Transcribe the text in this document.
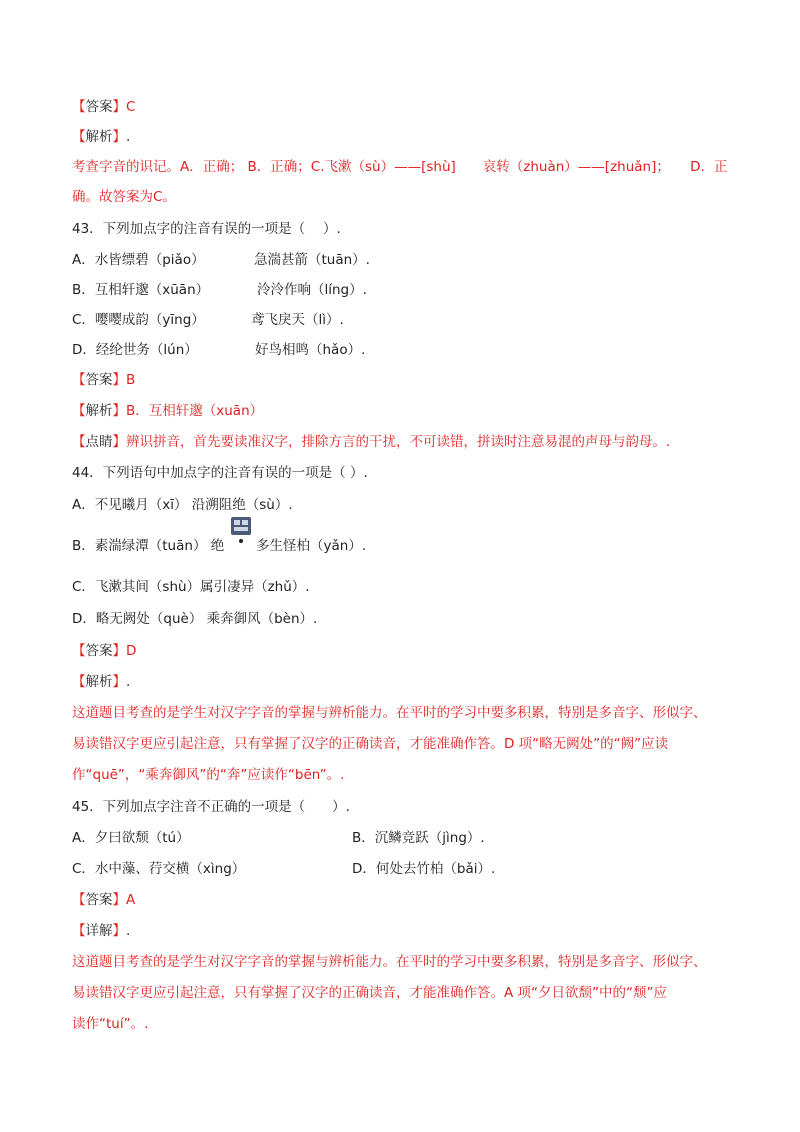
【答案】C
【解析】.
考查字音的识记。A．正确； B．正确；C.飞漱（sù）——[shù]　　哀转（zhuàn）——[zhuǎn]；　　D．正
确。故答案为C。
43．下列加点字的注音有误的一项是（　 ）.
A．水皆缥碧（piǎo）	急湍甚箭（tuān）.
B．互相轩邈（xūān）	泠泠作响（líng）.
C．嘤嘤成韵（yīng）	鸢飞戾天（lì）.
D．经纶世务（lún）	好鸟相鸣（hǎo）.
【答案】B
【解析】B．互相轩邈（xuān）
【点睛】辨识拼音，首先要读准汉字，排除方言的干扰，不可读错，拼读时注意易混的声母与韵母。.
44．下列语句中加点字的注音有误的一项是（ ）.
A．不见曦月（xī） 沿溯阻绝（sù）.
B．素湍绿潭（tuān） 绝 多生怪柏（yǎn）.
C．飞漱其间（shù）属引凄异（zhǔ）.
D．略无阙处（què） 乘奔御风（bèn）.
【答案】D
【解析】.
这道题目考查的是学生对汉字字音的掌握与辨析能力。在平时的学习中要多积累，特别是多音字、形似字、
易读错汉字更应引起注意，只有掌握了汉字的正确读音，才能准确作答。D 项“略无阙处”的“阙”应读
作“quē”，“乘奔御风”的“奔”应读作“bēn”。.
45．下列加点字注音不正确的一项是（　　）.
A．夕曰欲颓（tú）	B．沉鳞竞跃（jìng）.
C．水中藻、荇交横（xìng）	D．何处去竹柏（bǎi）.
【答案】A
【详解】.
这道题目考查的是学生对汉字字音的掌握与辨析能力。在平时的学习中要多积累，特别是多音字、形似字、
易读错汉字更应引起注意，只有掌握了汉字的正确读音，才能准确作答。A 项“夕日欲颓”中的“颓”应
读作“tuí”。.
